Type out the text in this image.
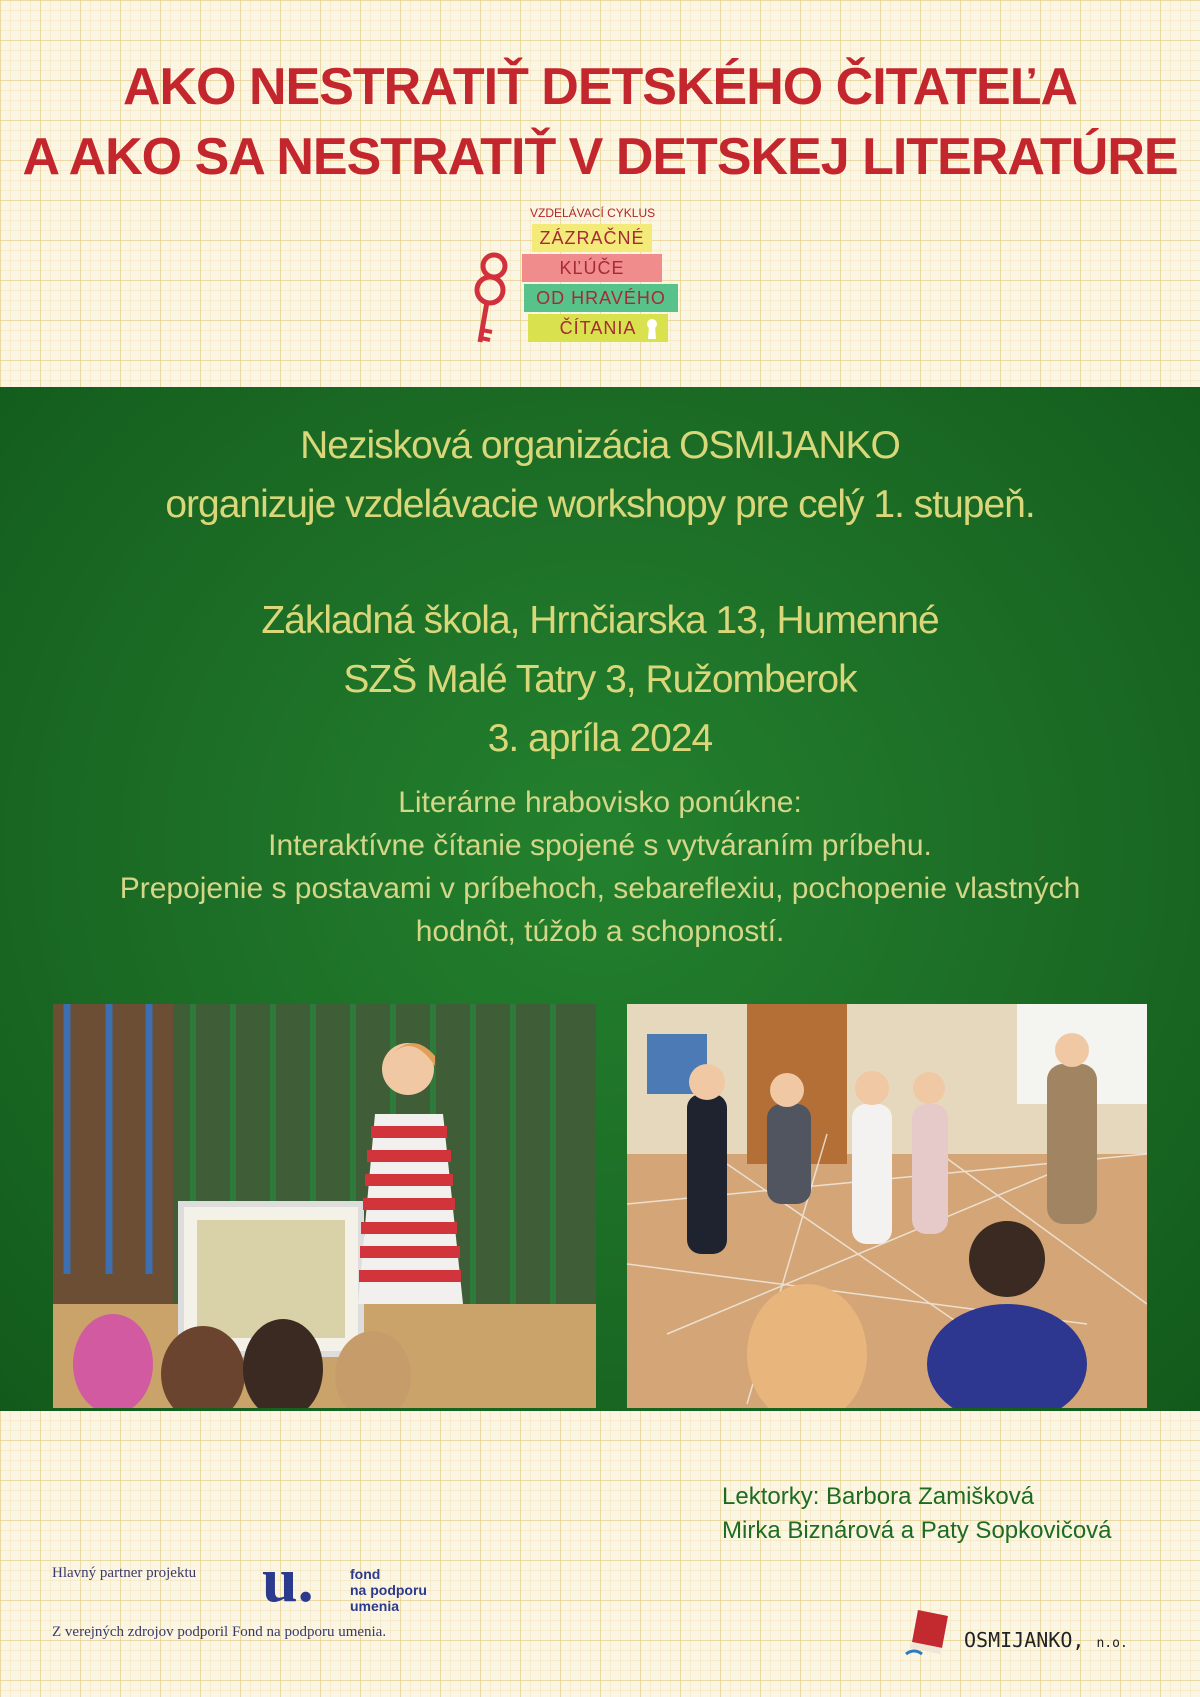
AKO NESTRATIŤ DETSKÉHO ČITATEĽA
A AKO SA NESTRATIŤ V DETSKEJ LITERATÚRE
VZDELÁVACÍ CYKLUS
ZÁZRAČNÉ
KĽÚČE
OD HRAVÉHO
ČÍTANIA
Nezisková organizácia OSMIJANKO
organizuje vzdelávacie workshopy pre celý 1. stupeň.
Základná škola, Hrnčiarska 13, Humenné
SZŠ Malé Tatry 3, Ružomberok
3. apríla 2024
Literárne hrabovisko ponúkne:
Interaktívne čítanie spojené s vytváraním príbehu.
Prepojenie s postavami v príbehoch, sebareflexiu, pochopenie vlastných
hodnôt, túžob a schopností.
Lektorky: Barbora Zamišková
Mirka Biznárová a Paty Sopkovičová
Hlavný partner projektu u.	fond
na podporu
umenia
Z verejných zdrojov podporil Fond na podporu umenia.	OSMIJANKO, n.o.
